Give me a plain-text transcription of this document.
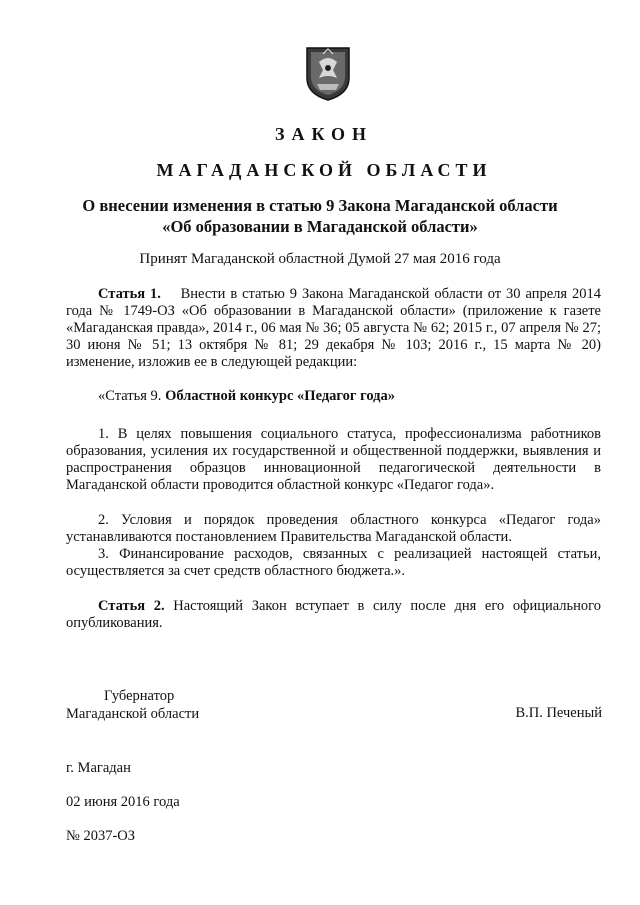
ЗАКОН
МАГАДАНСКОЙ ОБЛАСТИ
О внесении изменения в статью 9 Закона Магаданской области
«Об образовании в Магаданской области»
Принят Магаданской областной Думой 27 мая 2016 года
Статья 1. Внести в статью 9 Закона Магаданской области от 30 апреля 2014 года № 1749-ОЗ «Об образовании в Магаданской области» (приложение к газете «Магаданская правда», 2014 г., 06 мая № 36; 05 августа № 62; 2015 г., 07 апреля № 27; 30 июня № 51; 13 октября № 81; 29 декабря № 103; 2016 г., 15 марта № 20) изменение, изложив ее в следующей редакции:
«Статья 9. Областной конкурс «Педагог года»
1. В целях повышения социального статуса, профессионализма работников образования, усиления их государственной и общественной поддержки, выявления и распространения образцов инновационной педагогической деятельности в Магаданской области проводится областной конкурс «Педагог года».
2. Условия и порядок проведения областного конкурса «Педагог года» устанавливаются постановлением Правительства Магаданской области.
3. Финансирование расходов, связанных с реализацией настоящей статьи, осуществляется за счет средств областного бюджета.».
Статья 2. Настоящий Закон вступает в силу после дня его официального опубликования.
Губернатор
Магаданской области	В.П. Печеный
г. Магадан
02 июня 2016 года
№ 2037-ОЗ
